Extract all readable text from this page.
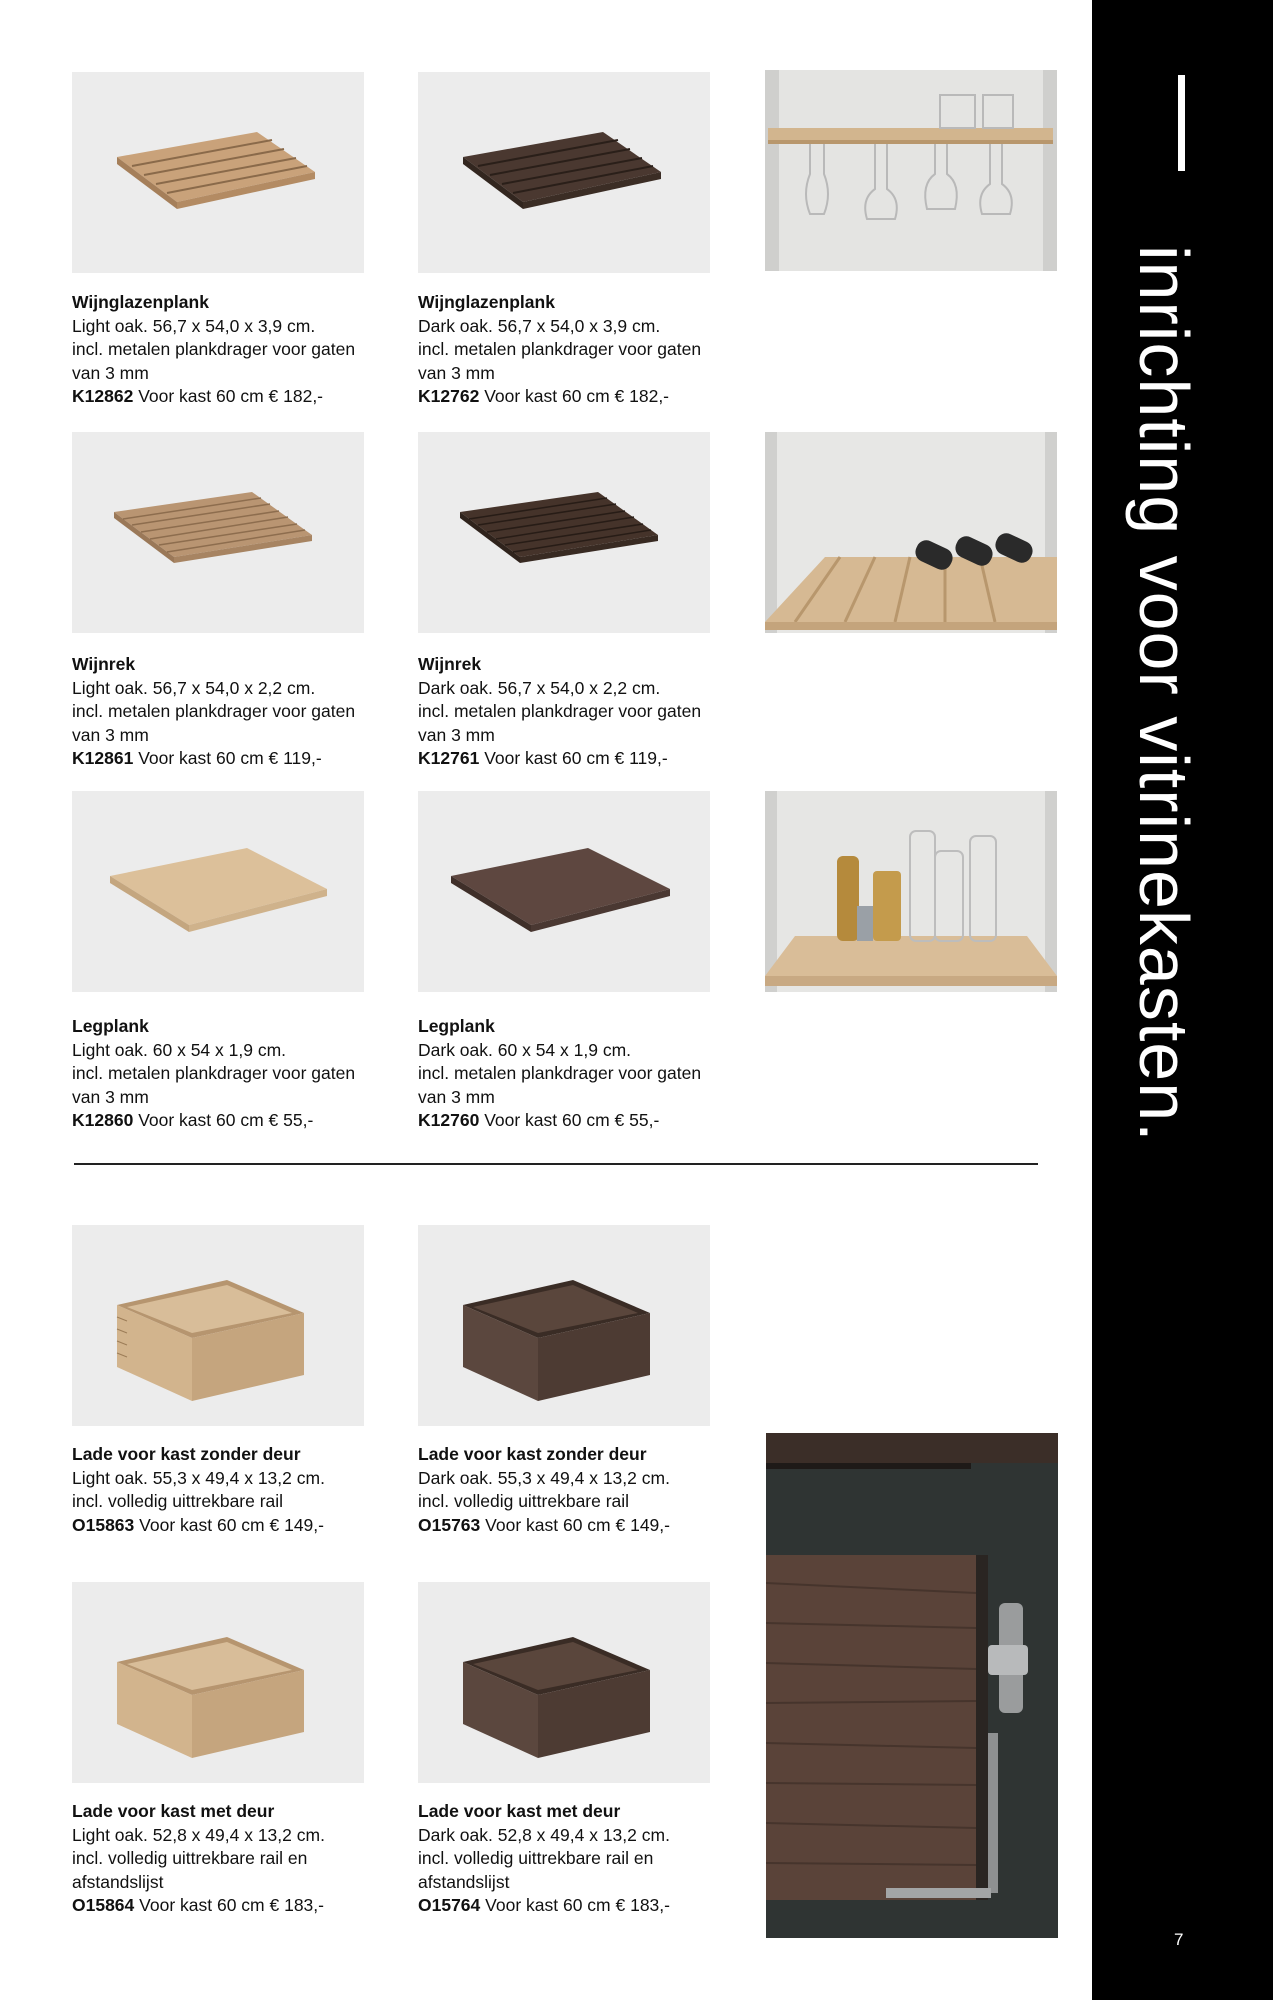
inrichting voor vitrinekasten.
7
Wijnglazenplank
Light oak. 56,7 x 54,0 x 3,9 cm.
incl. metalen plankdrager voor gaten
van 3 mm
K12862 Voor kast 60 cm € 182,-
Wijnglazenplank
Dark oak. 56,7 x 54,0 x 3,9 cm.
incl. metalen plankdrager voor gaten
van 3 mm
K12762 Voor kast 60 cm € 182,-
Wijnrek
Light oak. 56,7 x 54,0 x 2,2 cm.
incl. metalen plankdrager voor gaten
van 3 mm
K12861 Voor kast 60 cm € 119,-
Wijnrek
Dark oak. 56,7 x 54,0 x 2,2 cm.
incl. metalen plankdrager voor gaten
van 3 mm
K12761 Voor kast 60 cm € 119,-
Legplank
Light oak. 60 x 54 x 1,9 cm.
incl. metalen plankdrager voor gaten
van 3 mm
K12860 Voor kast 60 cm € 55,-
Legplank
Dark oak. 60 x 54 x 1,9 cm.
incl. metalen plankdrager voor gaten
van 3 mm
K12760 Voor kast 60 cm € 55,-
Lade voor kast zonder deur
Light oak. 55,3 x 49,4 x 13,2 cm.
incl. volledig uittrekbare rail
O15863 Voor kast 60 cm € 149,-
Lade voor kast zonder deur
Dark oak. 55,3 x 49,4 x 13,2 cm.
incl. volledig uittrekbare rail
O15763 Voor kast 60 cm € 149,-
Lade voor kast met deur
Light oak. 52,8 x 49,4 x 13,2 cm.
incl. volledig uittrekbare rail en
afstandslijst
O15864 Voor kast 60 cm € 183,-
Lade voor kast met deur
Dark oak. 52,8 x 49,4 x 13,2 cm.
incl. volledig uittrekbare rail en
afstandslijst
O15764 Voor kast 60 cm € 183,-
